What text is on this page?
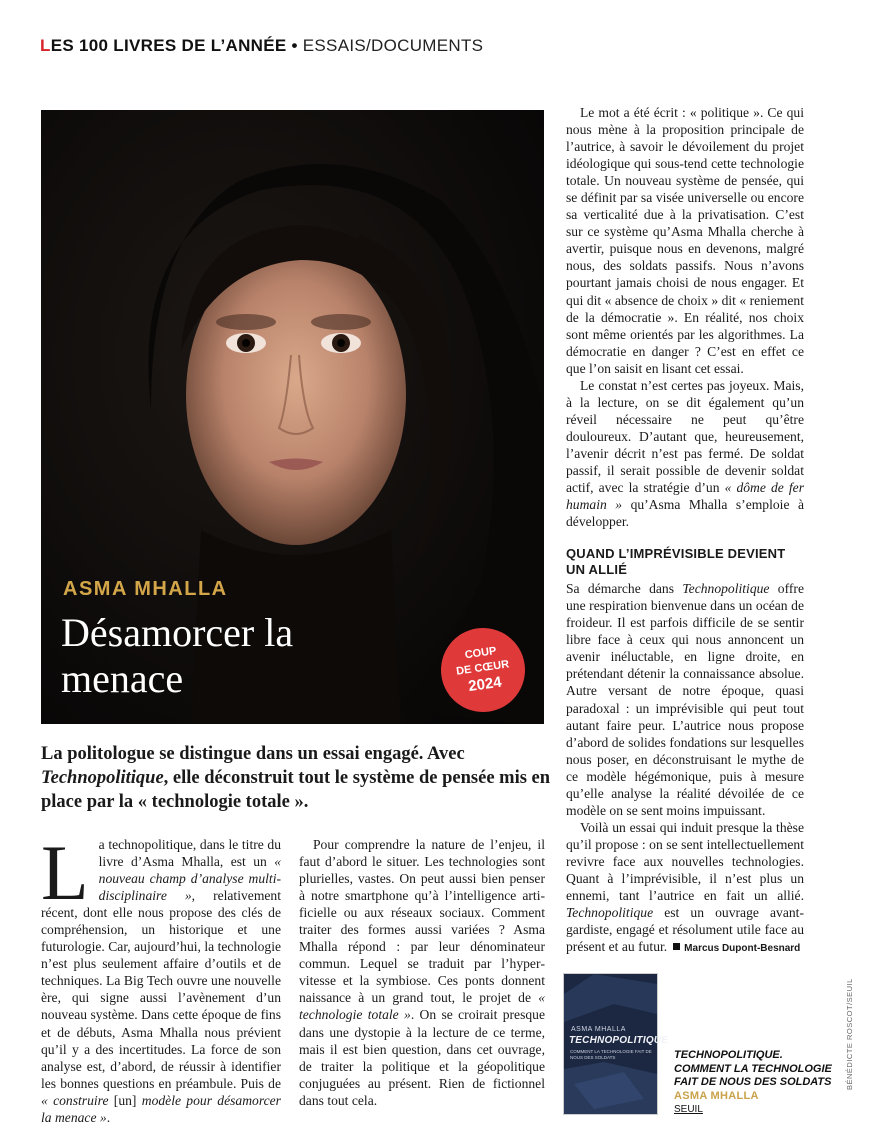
LES 100 LIVRES DE L’ANNÉE • ESSAIS/DOCUMENTS
ASMA MHALLA
Désamorcer la menace
COUP
DE CŒUR
2024
La politologue se distingue dans un essai engagé. Avec Technopolitique, elle déconstruit tout le système de pensée mis en place par la « technologie totale ».

La technopolitique, dans le titre du livre d’Asma Mhalla, est un « nouveau champ d’analyse multidisciplinaire », relativement récent, dont elle nous propose des clés de compréhension, un historique et une futurologie. Car, aujourd’hui, la technologie n’est plus seulement affaire d’outils et de techniques. La Big Tech ouvre une nouvelle ère, qui signe aussi l’avènement d’un nouveau système. Dans cette époque de fins et de débuts, Asma Mhalla nous prévient qu’il y a des incertitudes. La force de son analyse est, d’abord, de réussir à identifier les bonnes questions en préambule. Puis de « construire [un] modèle pour désamorcer la menace ».

Pour comprendre la nature de l’enjeu, il faut d’abord le situer. Les technologies sont plurielles, vastes. On peut aussi bien penser à notre smartphone qu’à l’intelligence artificielle ou aux réseaux sociaux. Comment traiter des formes aussi variées ? Asma Mhalla répond : par leur dénominateur commun. Lequel se traduit par l’hypervitesse et la symbiose. Ces ponts donnent naissance à un grand tout, le projet de « technologie totale ». On se croirait presque dans une dystopie à la lecture de ce terme, mais il est bien question, dans cet ouvrage, de traiter la politique et la géopolitique conjuguées au présent. Rien de fictionnel dans tout cela.

Le mot a été écrit : « politique ». Ce qui nous mène à la proposition principale de l’autrice, à savoir le dévoilement du projet idéologique qui sous-tend cette technologie totale. Un nouveau système de pensée, qui se définit par sa visée universelle ou encore sa verticalité due à la privatisation. C’est sur ce système qu’Asma Mhalla cherche à avertir, puisque nous en devenons, malgré nous, des soldats passifs. Nous n’avons pourtant jamais choisi de nous engager. Et qui dit « absence de choix » dit « reniement de la démocratie ». En réalité, nos choix sont même orientés par les algorithmes. La démocratie en danger ? C’est en effet ce que l’on saisit en lisant cet essai.

Le constat n’est certes pas joyeux. Mais, à la lecture, on se dit également qu’un réveil nécessaire ne peut qu’être douloureux. D’autant que, heureusement, l’avenir décrit n’est pas fermé. De soldat passif, il serait possible de devenir soldat actif, avec la stratégie d’un « dôme de fer humain » qu’Asma Mhalla s’emploie à développer.

QUAND L’IMPRÉVISIBLE DEVIENT UN ALLIÉ

Sa démarche dans Technopolitique offre une respiration bienvenue dans un océan de froideur. Il est parfois difficile de se sentir libre face à ceux qui nous annoncent un avenir inéluctable, en ligne droite, en prétendant détenir la connaissance absolue. Autre versant de notre époque, quasi paradoxal : un imprévisible qui peut tout autant faire peur. L’autrice nous propose d’abord de solides fondations sur lesquelles nous poser, en déconstruisant le mythe de ce modèle hégémonique, puis à mesure qu’elle analyse la réalité dévoilée de ce modèle on se sent moins impuissant.

Voilà un essai qui induit presque la thèse qu’il propose : on se sent intellectuellement revivre face aux nouvelles technologies. Quant à l’imprévisible, il n’est plus un ennemi, tant l’autrice en fait un allié. Technopolitique est un ouvrage avant-gardiste, engagé et résolument utile face au présent et au futur. Marcus Dupont-Besnard

ASMA MHALLA
TECHNOPOLITIQUE
COMMENT LA TECHNOLOGIE FAIT DE NOUS DES SOLDATS	TECHNOPOLITIQUE.
COMMENT LA TECHNOLOGIE
FAIT DE NOUS DES SOLDATS
ASMA MHALLA
SEUIL
BÉNÉDICTE ROSCOT/SEUIL
